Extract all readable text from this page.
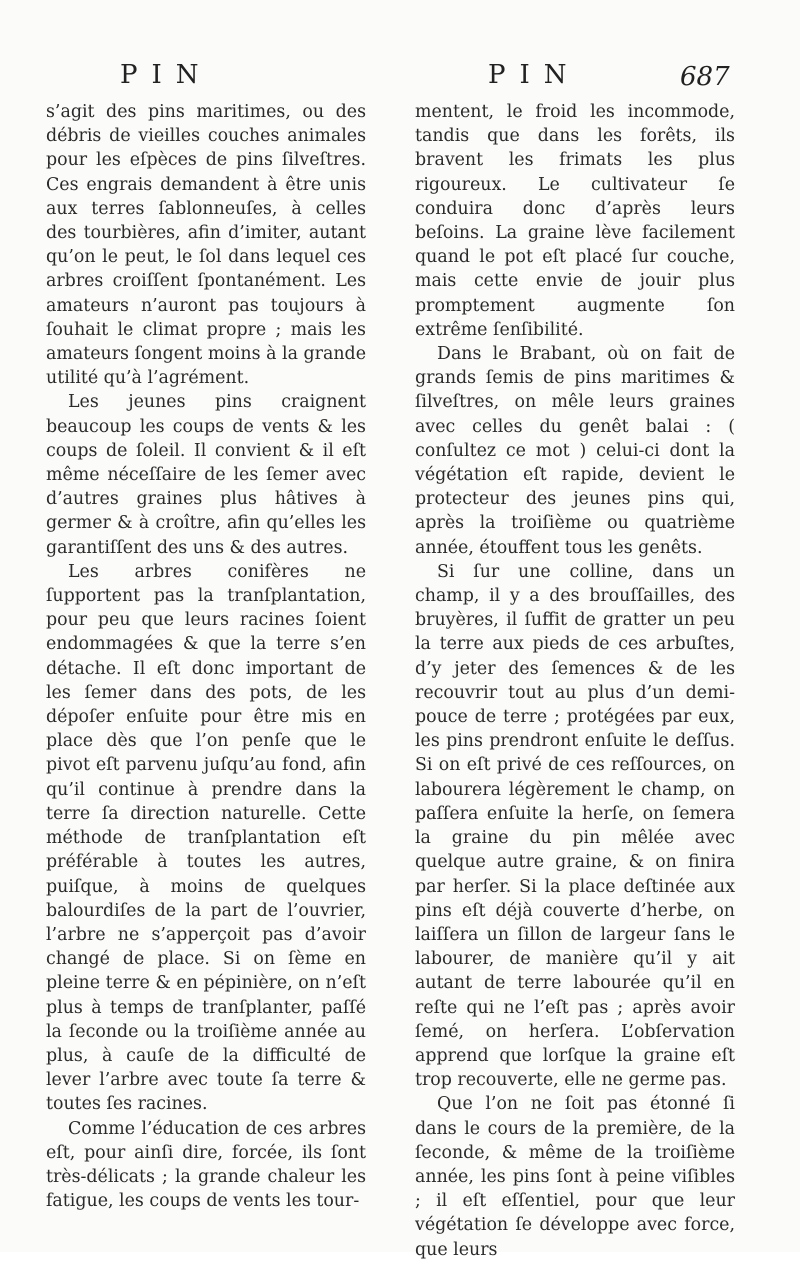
PIN	PIN	687

s’agit des pins maritimes, ou des débris de vieilles couches animales pour les eſpèces de pins ſilveſtres. Ces engrais demandent à être unis aux terres ſablonneuſes, à celles des tourbières, afin d’imiter, autant qu’on le peut, le ſol dans lequel ces arbres croiſſent ſpontanément. Les amateurs n’auront pas toujours à ſouhait le climat propre ; mais les amateurs ſongent moins à la grande utilité qu’à l’agrément.

Les jeunes pins craignent beaucoup les coups de vents & les coups de ſoleil. Il convient & il eſt même néceſſaire de les ſemer avec d’autres graines plus hâtives à germer & à croître, afin qu’elles les garantiſſent des uns & des autres.

Les arbres conifères ne ſupportent pas la tranſplantation, pour peu que leurs racines ſoient endommagées & que la terre s’en détache. Il eſt donc important de les ſemer dans des pots, de les dépoſer enſuite pour être mis en place dès que l’on penſe que le pivot eſt parvenu juſqu’au fond, afin qu’il continue à prendre dans la terre ſa direction naturelle. Cette méthode de tranſplantation eſt préférable à toutes les autres, puiſque, à moins de quelques balourdiſes de la part de l’ouvrier, l’arbre ne s’apperçoit pas d’avoir changé de place. Si on ſème en pleine terre & en pépinière, on n’eſt plus à temps de tranſplanter, paſſé la ſeconde ou la troiſième année au plus, à cauſe de la difficulté de lever l’arbre avec toute ſa terre & toutes ſes racines.

Comme l’éducation de ces arbres eſt, pour ainſi dire, forcée, ils ſont très-délicats ; la grande chaleur les fatigue, les coups de vents les tour-

mentent, le froid les incommode, tandis que dans les forêts, ils bravent les frimats les plus rigoureux. Le cultivateur ſe conduira donc d’après leurs beſoins. La graine lève facilement quand le pot eſt placé ſur couche, mais cette envie de jouir plus promptement augmente ſon extrême ſenſibilité.

Dans le Brabant, où on fait de grands ſemis de pins maritimes & ſilveſtres, on mêle leurs graines avec celles du genêt balai : ( conſultez ce mot ) celui-ci dont la végétation eſt rapide, devient le protecteur des jeunes pins qui, après la troiſième ou quatrième année, étouffent tous les genêts.

Si ſur une colline, dans un champ, il y a des brouſſailles, des bruyères, il ſuffit de gratter un peu la terre aux pieds de ces arbuſtes, d’y jeter des ſemences & de les recouvrir tout au plus d’un demi-pouce de terre ; protégées par eux, les pins prendront enſuite le deſſus. Si on eſt privé de ces reſſources, on labourera légèrement le champ, on paſſera enſuite la herſe, on ſemera la graine du pin mêlée avec quelque autre graine, & on finira par herſer. Si la place deſtinée aux pins eſt déjà couverte d’herbe, on laiſſera un ſillon de largeur ſans le labourer, de manière qu’il y ait autant de terre labourée qu’il en reſte qui ne l’eſt pas ; après avoir ſemé, on herſera. L’obſervation apprend que lorſque la graine eſt trop recouverte, elle ne germe pas.

Que l’on ne ſoit pas étonné ſi dans le cours de la première, de la ſeconde, & même de la troiſième année, les pins ſont à peine viſibles ; il eſt eſſentiel, pour que leur végétation ſe développe avec force, que leurs
